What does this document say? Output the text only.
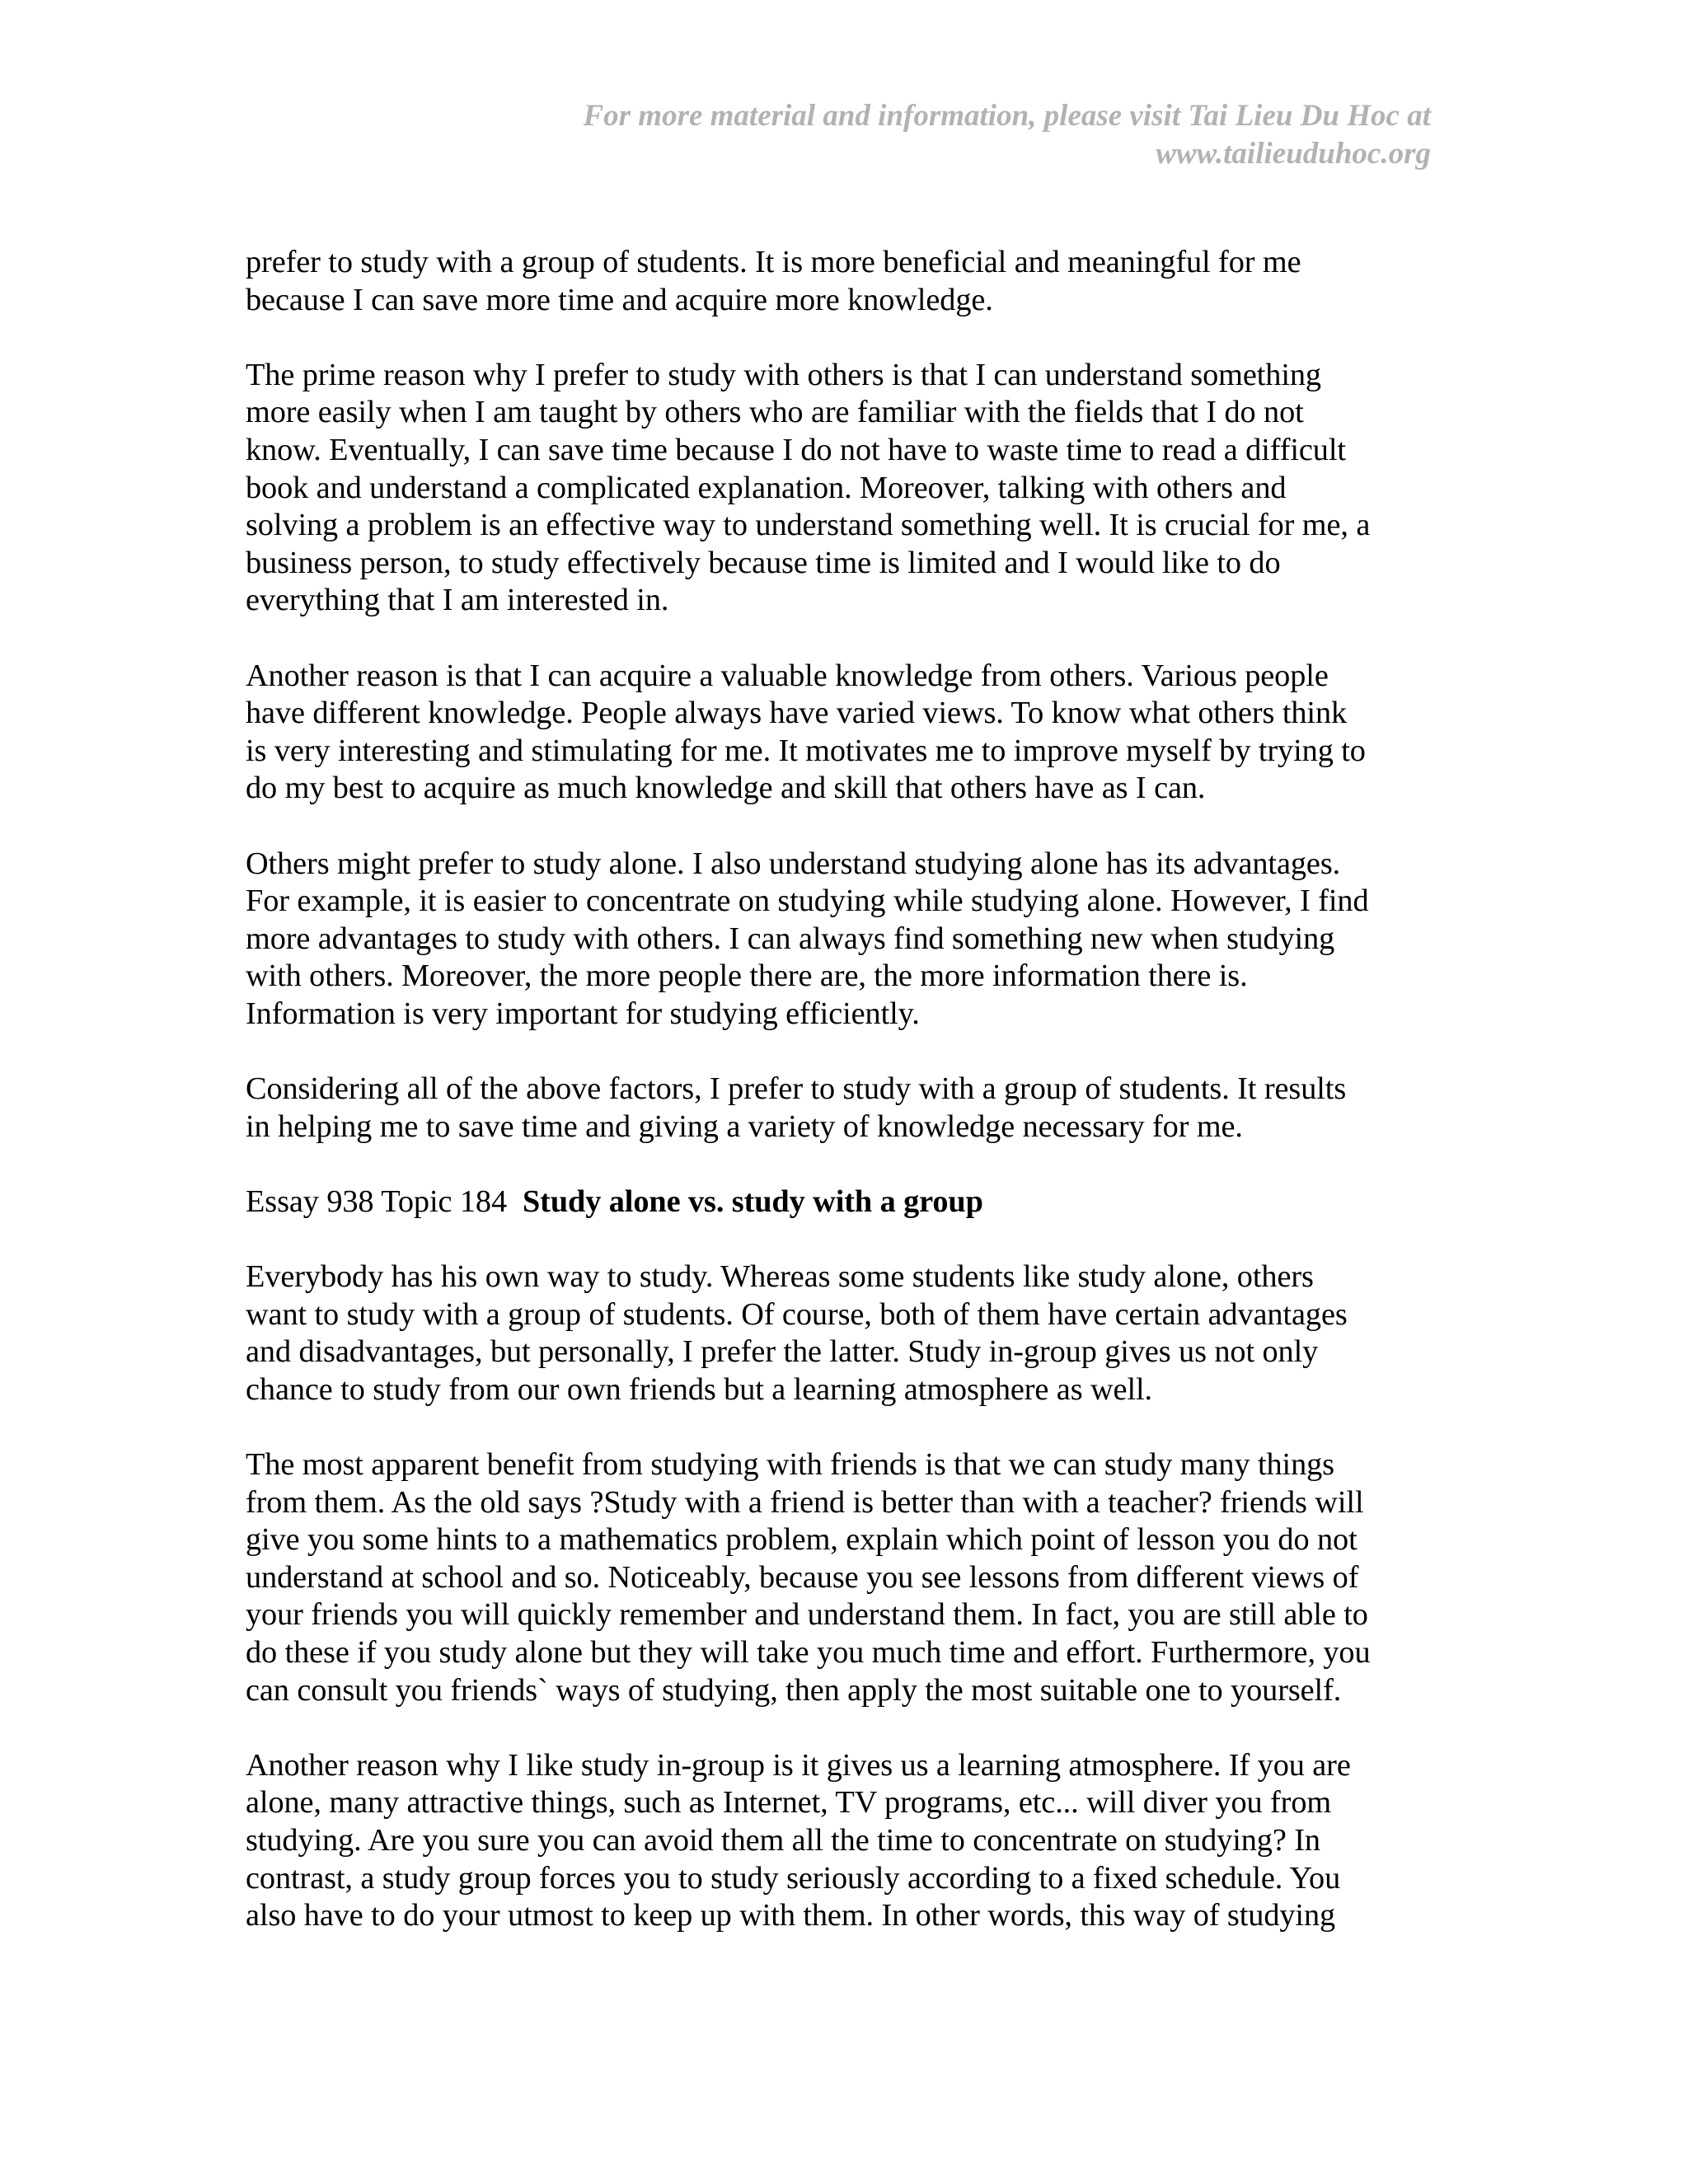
For more material and information, please visit Tai Lieu Du Hoc at
www.tailieuduhoc.org

prefer to study with a group of students. It is more beneficial and meaningful for me
because I can save more time and acquire more knowledge.

The prime reason why I prefer to study with others is that I can understand something
more easily when I am taught by others who are familiar with the fields that I do not
know. Eventually, I can save time because I do not have to waste time to read a difficult
book and understand a complicated explanation. Moreover, talking with others and
solving a problem is an effective way to understand something well. It is crucial for me, a
business person, to study effectively because time is limited and I would like to do
everything that I am interested in.

Another reason is that I can acquire a valuable knowledge from others. Various people
have different knowledge. People always have varied views. To know what others think
is very interesting and stimulating for me. It motivates me to improve myself by trying to
do my best to acquire as much knowledge and skill that others have as I can.

Others might prefer to study alone. I also understand studying alone has its advantages.
For example, it is easier to concentrate on studying while studying alone. However, I find
more advantages to study with others. I can always find something new when studying
with others. Moreover, the more people there are, the more information there is.
Information is very important for studying efficiently.

Considering all of the above factors, I prefer to study with a group of students. It results
in helping me to save time and giving a variety of knowledge necessary for me.

Essay 938 Topic 184 Study alone vs. study with a group

Everybody has his own way to study. Whereas some students like study alone, others
want to study with a group of students. Of course, both of them have certain advantages
and disadvantages, but personally, I prefer the latter. Study in-group gives us not only
chance to study from our own friends but a learning atmosphere as well.

The most apparent benefit from studying with friends is that we can study many things
from them. As the old says ?Study with a friend is better than with a teacher? friends will
give you some hints to a mathematics problem, explain which point of lesson you do not
understand at school and so. Noticeably, because you see lessons from different views of
your friends you will quickly remember and understand them. In fact, you are still able to
do these if you study alone but they will take you much time and effort. Furthermore, you
can consult you friends` ways of studying, then apply the most suitable one to yourself.

Another reason why I like study in-group is it gives us a learning atmosphere. If you are
alone, many attractive things, such as Internet, TV programs, etc... will diver you from
studying. Are you sure you can avoid them all the time to concentrate on studying? In
contrast, a study group forces you to study seriously according to a fixed schedule. You
also have to do your utmost to keep up with them. In other words, this way of studying
